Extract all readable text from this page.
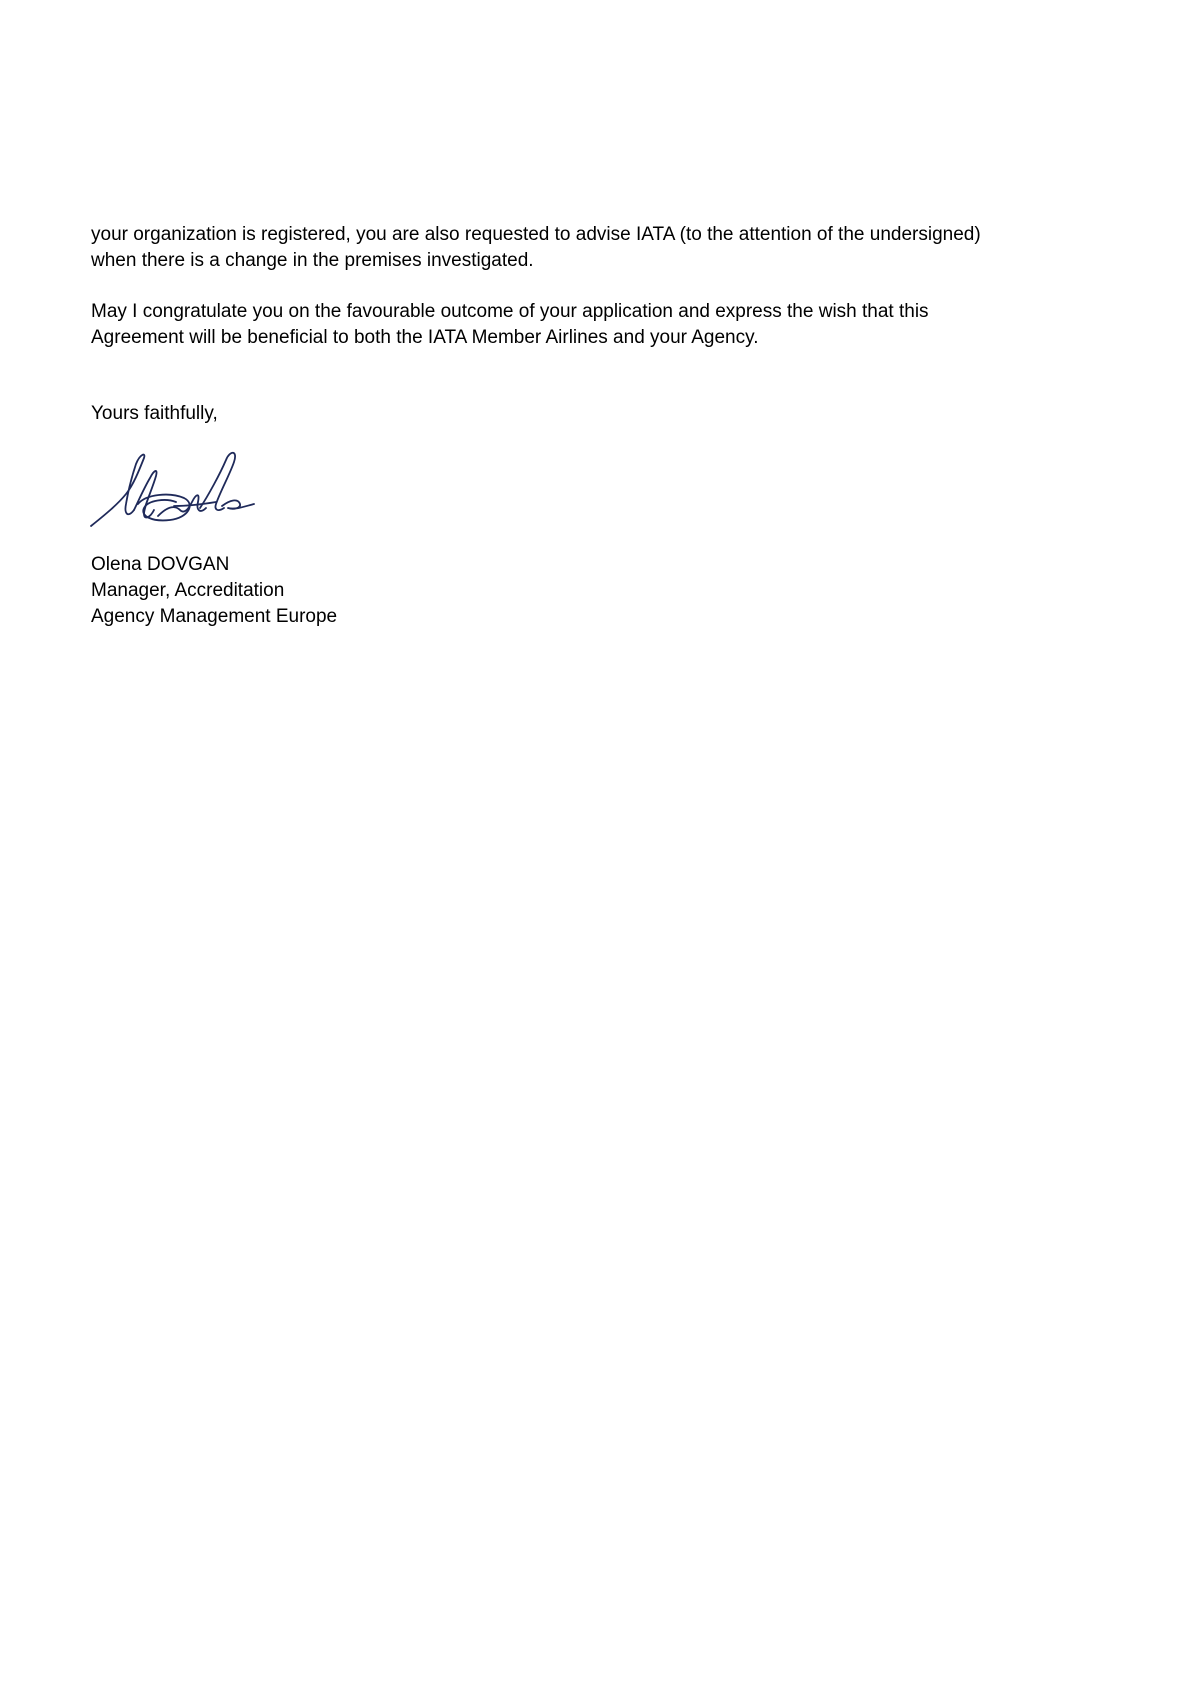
your organization is registered, you are also requested to advise IATA (to the attention of the undersigned)

when there is a change in the premises investigated.

May I congratulate you on the favourable outcome of your application and express the wish that this

Agreement will be beneficial to both the IATA Member Airlines and your Agency.

Yours faithfully,

Olena DOVGAN

Manager, Accreditation

Agency Management Europe
